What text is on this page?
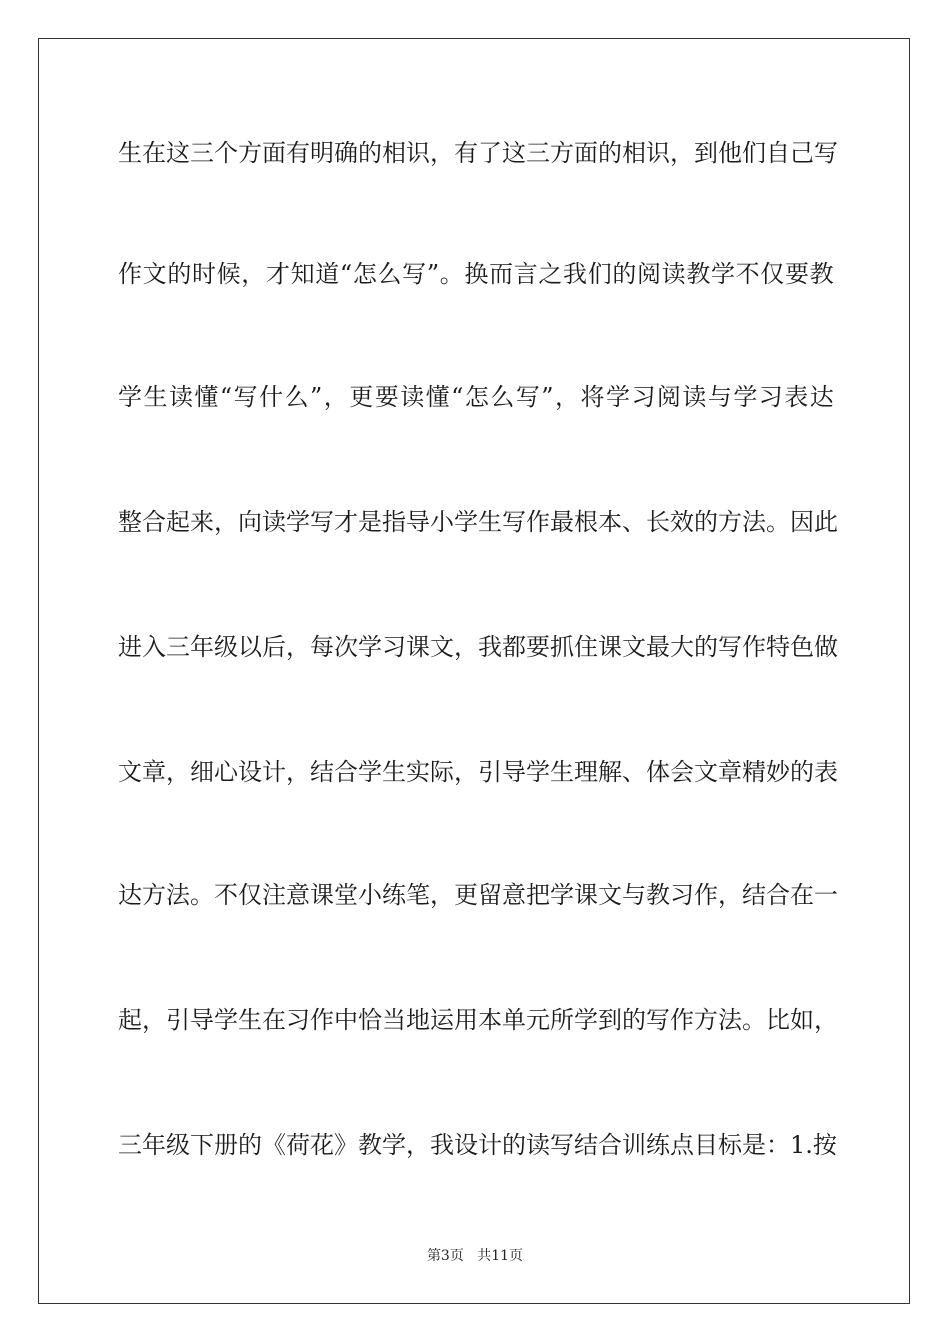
生 在 这 三 个 方 面 有 明 确 的 相 识 ， 有 了 这 三 方 面 的 相 识 ， 到 他 们 自 己 写
作 文 的 时 候 ， 才 知 道 “ 怎 么 写 ” 。 换 而 言 之 我 们 的 阅 读 教 学 不 仅 要 教
学 生 读 懂 “ 写 什 么 ” ， 更 要 读 懂 “ 怎 么 写 ” ， 将 学 习 阅 读 与 学 习 表 达
整 合 起 来 ， 向 读 学 写 才 是 指 导 小 学 生 写 作 最 根 本 、 长 效 的 方 法 。 因 此
进 入 三 年 级 以 后 ， 每 次 学 习 课 文 ， 我 都 要 抓 住 课 文 最 大 的 写 作 特 色 做
文 章 ， 细 心 设 计 ， 结 合 学 生 实 际 ， 引 导 学 生 理 解 、 体 会 文 章 精 妙 的 表
达 方 法 。 不 仅 注 意 课 堂 小 练 笔 ， 更 留 意 把 学 课 文 与 教 习 作 ， 结 合 在 一
起 ， 引 导 学 生 在 习 作 中 恰 当 地 运 用 本 单 元 所 学 到 的 写 作 方 法 。 比 如 ，
三 年 级 下 册 的 《 荷 花 》 教 学 ， 我 设 计 的 读 写 结 合 训 练 点 目 标 是 ： 1 . 按
第3页 共11页
